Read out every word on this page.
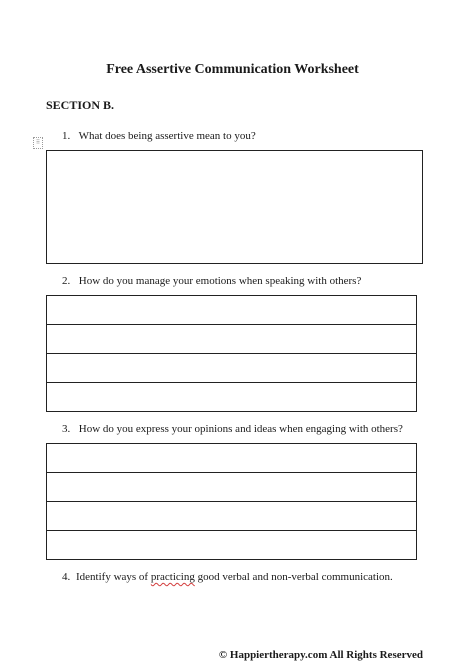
Free Assertive Communication Worksheet
SECTION B.
⠿
1. What does being assertive mean to you?
2. How do you manage your emotions when speaking with others?
3. How do you express your opinions and ideas when engaging with others?
4. Identify ways of practicing good verbal and non-verbal communication.
© Happiertherapy.com All Rights Reserved
